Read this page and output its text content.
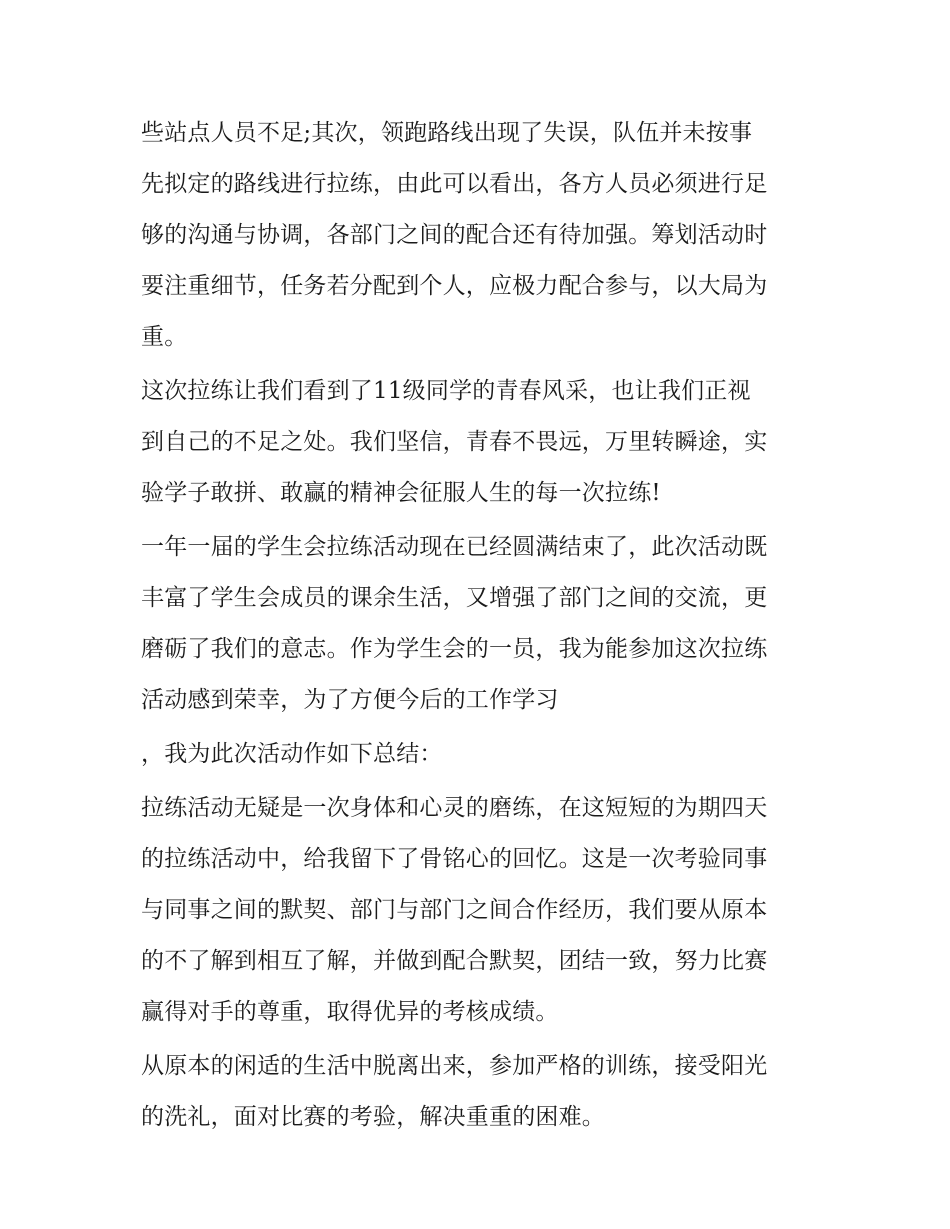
些站点人员不足;其次，领跑路线出现了失误，队伍并未按事
先拟定的路线进行拉练，由此可以看出，各方人员必须进行足
够的沟通与协调，各部门之间的配合还有待加强。筹划活动时
要注重细节，任务若分配到个人，应极力配合参与，以大局为
重。
这次拉练让我们看到了11级同学的青春风采，也让我们正视
到自己的不足之处。我们坚信，青春不畏远，万里转瞬途，实
验学子敢拼、敢赢的精神会征服人生的每一次拉练!
一年一届的学生会拉练活动现在已经圆满结束了，此次活动既
丰富了学生会成员的课余生活，又增强了部门之间的交流，更
磨砺了我们的意志。作为学生会的一员，我为能参加这次拉练
活动感到荣幸，为了方便今后的工作学习
，我为此次活动作如下总结：
拉练活动无疑是一次身体和心灵的磨练，在这短短的为期四天
的拉练活动中，给我留下了骨铭心的回忆。这是一次考验同事
与同事之间的默契、部门与部门之间合作经历，我们要从原本
的不了解到相互了解，并做到配合默契，团结一致，努力比赛
赢得对手的尊重，取得优异的考核成绩。
从原本的闲适的生活中脱离出来，参加严格的训练，接受阳光
的洗礼，面对比赛的考验，解决重重的困难。
